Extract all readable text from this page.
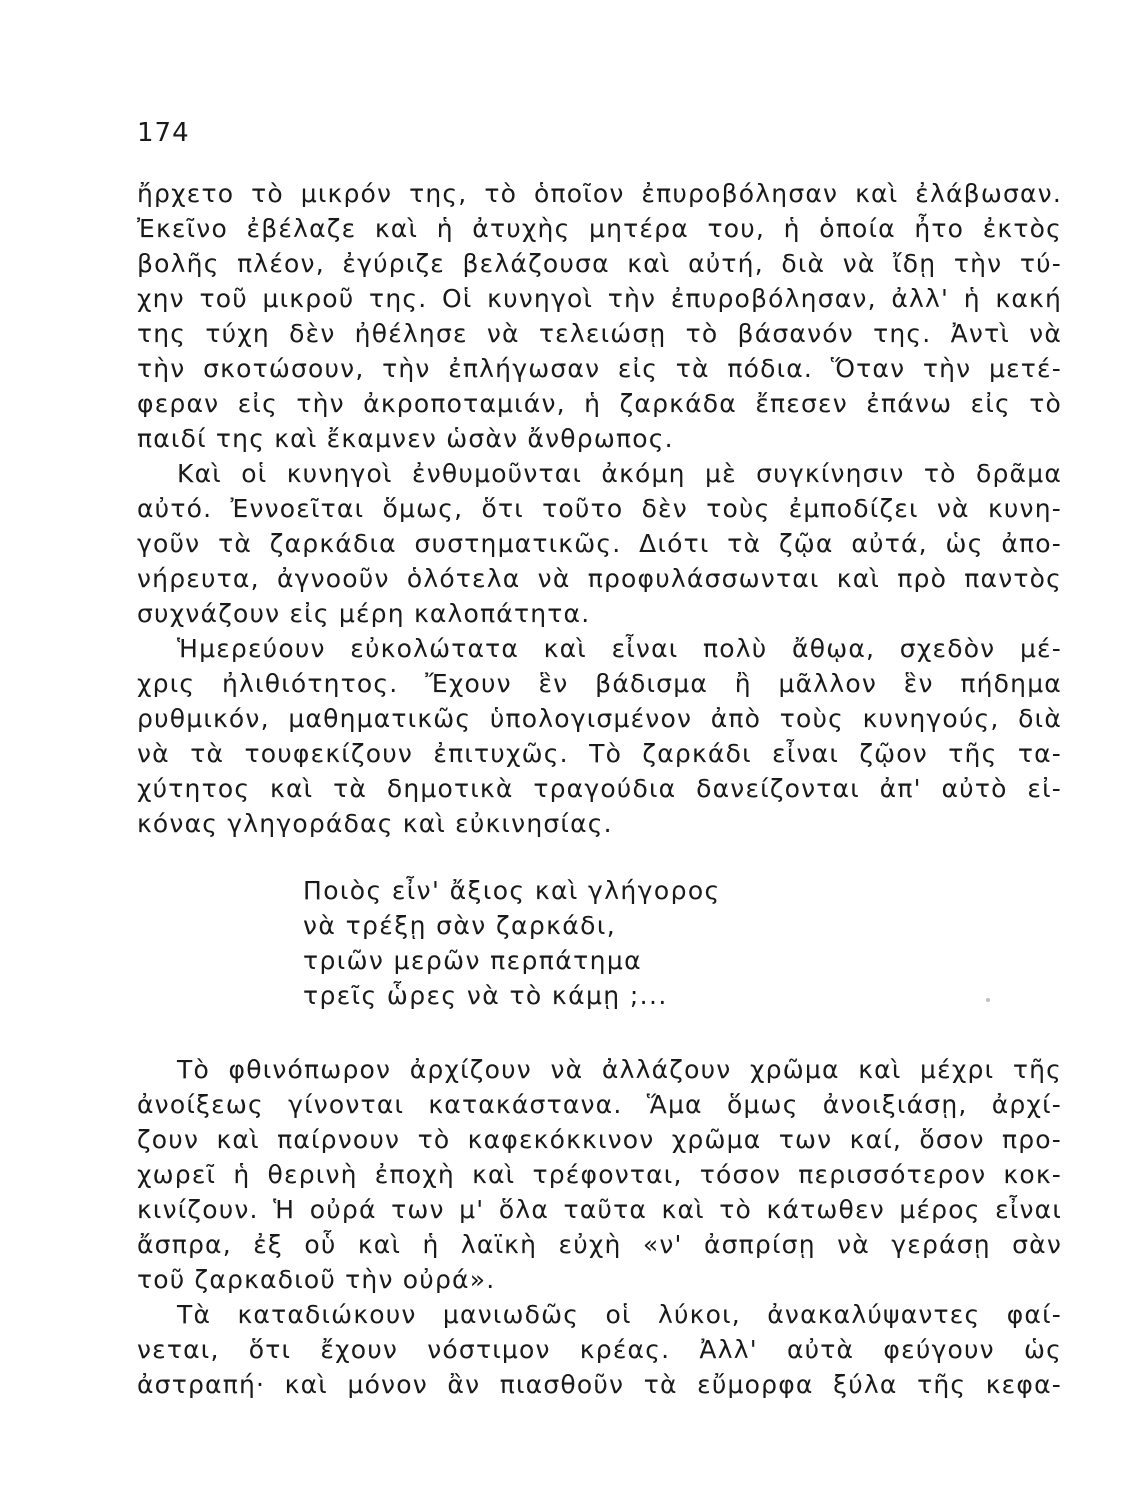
174
ἤρχετο τὸ μικρόν της, τὸ ὁποῖον ἐπυροβόλησαν καὶ ἐλάβωσαν.
Ἐκεῖνο ἐβέλαζε καὶ ἡ ἀτυχὴς μητέρα του, ἡ ὁποία ἦτο ἐκτὸς
βολῆς πλέον, ἐγύριζε βελάζουσα καὶ αὐτή, διὰ νὰ ἴδῃ τὴν τύ-
χην τοῦ μικροῦ της. Οἱ κυνηγοὶ τὴν ἐπυροβόλησαν, ἀλλ' ἡ κακή
της τύχη δὲν ἠθέλησε νὰ τελειώσῃ τὸ βάσανόν της. Ἀντὶ νὰ
τὴν σκοτώσουν, τὴν ἐπλήγωσαν εἰς τὰ πόδια. Ὅταν τὴν μετέ-
φεραν εἰς τὴν ἀκροποταμιάν, ἡ ζαρκάδα ἔπεσεν ἐπάνω εἰς τὸ
παιδί της καὶ ἔκαμνεν ὡσὰν ἄνθρωπος.
Καὶ οἱ κυνηγοὶ ἐνθυμοῦνται ἀκόμη μὲ συγκίνησιν τὸ δρᾶμα
αὐτό. Ἐννοεῖται ὅμως, ὅτι τοῦτο δὲν τοὺς ἐμποδίζει νὰ κυνη-
γοῦν τὰ ζαρκάδια συστηματικῶς. Διότι τὰ ζῷα αὐτά, ὡς ἀπο-
νήρευτα, ἀγνοοῦν ὁλότελα νὰ προφυλάσσωνται καὶ πρὸ παντὸς
συχνάζουν εἰς μέρη καλοπάτητα.
Ἡμερεύουν εὐκολώτατα καὶ εἶναι πολὺ ἄθῳα, σχεδὸν μέ-
χρις ἠλιθιότητος. Ἔχουν ἓν βάδισμα ἢ μᾶλλον ἓν πήδημα
ρυθμικόν, μαθηματικῶς ὑπολογισμένον ἀπὸ τοὺς κυνηγούς, διὰ
νὰ τὰ τουφεκίζουν ἐπιτυχῶς. Τὸ ζαρκάδι εἶναι ζῷον τῆς τα-
χύτητος καὶ τὰ δημοτικὰ τραγούδια δανείζονται ἀπ' αὐτὸ εἰ-
κόνας γληγοράδας καὶ εὐκινησίας.
Ποιὸς εἶν' ἄξιος καὶ γλήγορος
νὰ τρέξῃ σὰν ζαρκάδι,
τριῶν μερῶν περπάτημα
τρεῖς ὧρες νὰ τὸ κάμῃ ;...
Τὸ φθινόπωρον ἀρχίζουν νὰ ἀλλάζουν χρῶμα καὶ μέχρι τῆς
ἀνοίξεως γίνονται κατακάστανα. Ἅμα ὅμως ἀνοιξιάσῃ, ἀρχί-
ζουν καὶ παίρνουν τὸ καφεκόκκινον χρῶμα των καί, ὅσον προ-
χωρεῖ ἡ θερινὴ ἐποχὴ καὶ τρέφονται, τόσον περισσότερον κοκ-
κινίζουν. Ἡ οὐρά των μ' ὅλα ταῦτα καὶ τὸ κάτωθεν μέρος εἶναι
ἄσπρα, ἐξ οὗ καὶ ἡ λαϊκὴ εὐχὴ «ν' ἀσπρίσῃ νὰ γεράσῃ σὰν
τοῦ ζαρκαδιοῦ τὴν οὐρά».
Τὰ καταδιώκουν μανιωδῶς οἱ λύκοι, ἀνακαλύψαντες φαί-
νεται, ὅτι ἔχουν νόστιμον κρέας. Ἀλλ' αὐτὰ φεύγουν ὡς
ἀστραπή· καὶ μόνον ἂν πιασθοῦν τὰ εὔμορφα ξύλα τῆς κεφα-
